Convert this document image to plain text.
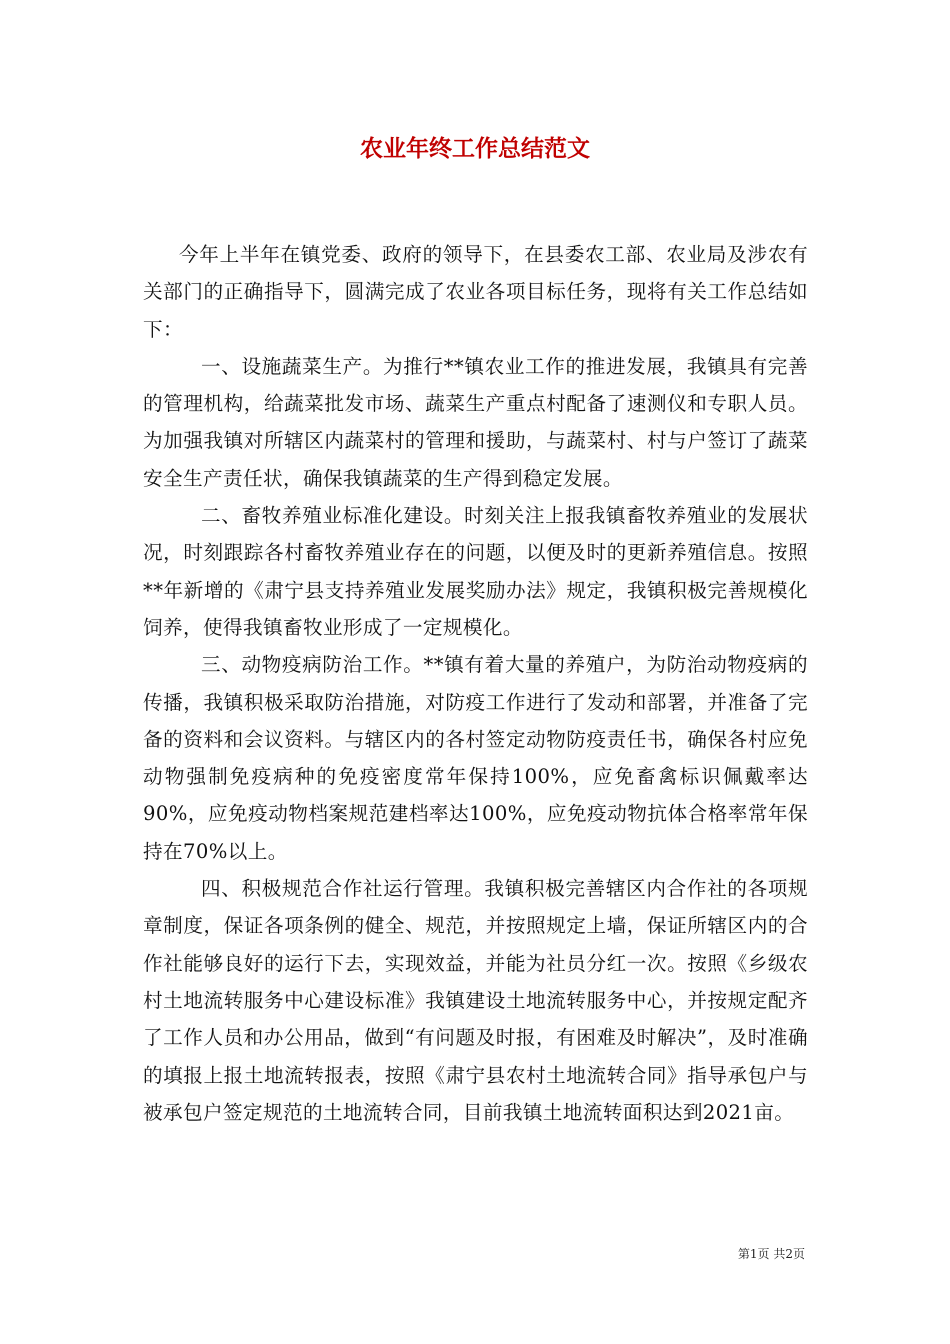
农业年终工作总结范文

今年上半年在镇党委、政府的领导下，在县委农工部、农业局及涉农有关部门的正确指导下，圆满完成了农业各项目标任务，现将有关工作总结如下：

一、设施蔬菜生产。为推行**镇农业工作的推进发展，我镇具有完善的管理机构，给蔬菜批发市场、蔬菜生产重点村配备了速测仪和专职人员。为加强我镇对所辖区内蔬菜村的管理和援助，与蔬菜村、村与户签订了蔬菜安全生产责任状，确保我镇蔬菜的生产得到稳定发展。

二、畜牧养殖业标准化建设。时刻关注上报我镇畜牧养殖业的发展状况，时刻跟踪各村畜牧养殖业存在的问题，以便及时的更新养殖信息。按照**年新增的《肃宁县支持养殖业发展奖励办法》规定，我镇积极完善规模化饲养，使得我镇畜牧业形成了一定规模化。

三、动物疫病防治工作。**镇有着大量的养殖户，为防治动物疫病的传播，我镇积极采取防治措施，对防疫工作进行了发动和部署，并准备了完备的资料和会议资料。与辖区内的各村签定动物防疫责任书，确保各村应免动物强制免疫病种的免疫密度常年保持100%，应免畜禽标识佩戴率达90%，应免疫动物档案规范建档率达100%，应免疫动物抗体合格率常年保持在70%以上。

四、积极规范合作社运行管理。我镇积极完善辖区内合作社的各项规章制度，保证各项条例的健全、规范，并按照规定上墙，保证所辖区内的合作社能够良好的运行下去，实现效益，并能为社员分红一次。按照《乡级农村土地流转服务中心建设标准》我镇建设土地流转服务中心，并按规定配齐了工作人员和办公用品，做到“有问题及时报，有困难及时解决”，及时准确的填报上报土地流转报表，按照《肃宁县农村土地流转合同》指导承包户与被承包户签定规范的土地流转合同，目前我镇土地流转面积达到2021亩。

第1页 共2页
